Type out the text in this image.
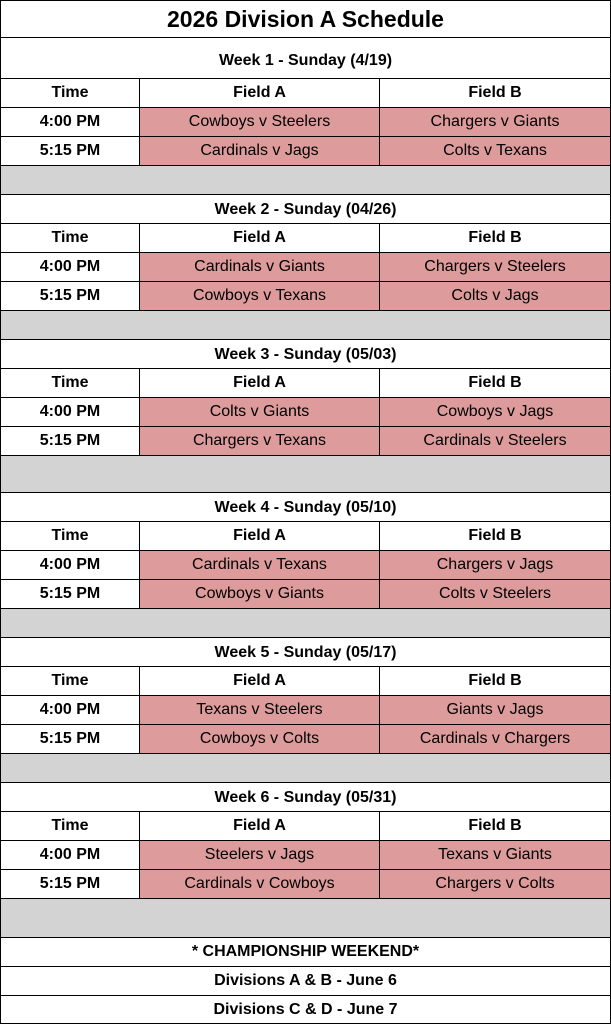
2026 Division A Schedule
Week 1 - Sunday (4/19)
Time	Field A	Field B
4:00 PM	Cowboys v Steelers	Chargers v Giants
5:15 PM	Cardinals v Jags	Colts v Texans
Week 2 - Sunday (04/26)
Time	Field A	Field B
4:00 PM	Cardinals v Giants	Chargers v Steelers
5:15 PM	Cowboys v Texans	Colts v Jags
Week 3 - Sunday (05/03)
Time	Field A	Field B
4:00 PM	Colts v Giants	Cowboys v Jags
5:15 PM	Chargers v Texans	Cardinals v Steelers
Week 4 - Sunday (05/10)
Time	Field A	Field B
4:00 PM	Cardinals v Texans	Chargers v Jags
5:15 PM	Cowboys v Giants	Colts v Steelers
Week 5 - Sunday (05/17)
Time	Field A	Field B
4:00 PM	Texans v Steelers	Giants v Jags
5:15 PM	Cowboys v Colts	Cardinals v Chargers
Week 6 - Sunday (05/31)
Time	Field A	Field B
4:00 PM	Steelers v Jags	Texans v Giants
5:15 PM	Cardinals v Cowboys	Chargers v Colts
* CHAMPIONSHIP WEEKEND*
Divisions A & B - June 6
Divisions C & D - June 7
